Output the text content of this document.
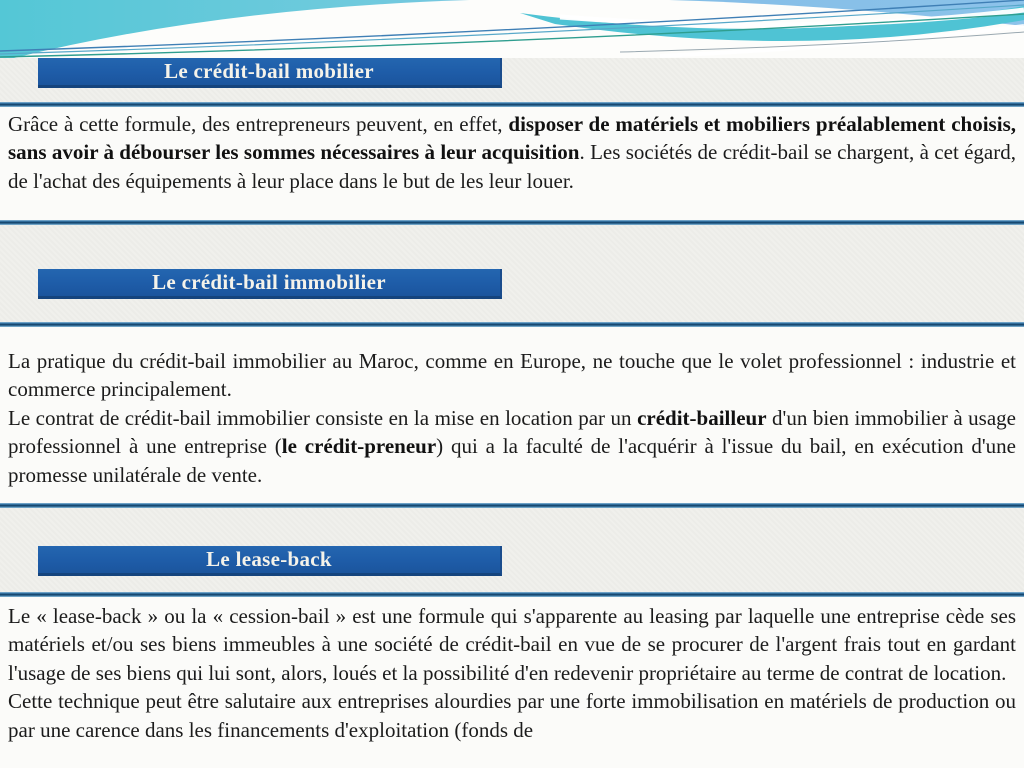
Le crédit-bail mobilier

Grâce à cette formule, des entrepreneurs peuvent, en effet, disposer de matériels et mobiliers préalablement choisis, sans avoir à débourser les sommes nécessaires à leur acquisition. Les sociétés de crédit-bail se chargent, à cet égard, de l'achat des équipements à leur place dans le but de les leur louer.

Le crédit-bail immobilier

La pratique du crédit-bail immobilier au Maroc, comme en Europe, ne touche que le volet professionnel : industrie et commerce principalement.

Le contrat de crédit-bail immobilier consiste en la mise en location par un crédit-bailleur d'un bien immobilier à usage professionnel à une entreprise (le crédit-preneur) qui a la faculté de l'acquérir à l'issue du bail, en exécution d'une promesse unilatérale de vente.

Le lease-back

Le « lease-back » ou la « cession-bail » est une formule qui s'apparente au leasing par laquelle une entreprise cède ses matériels et/ou ses biens immeubles à une société de crédit-bail en vue de se procurer de l'argent frais tout en gardant l'usage de ses biens qui lui sont, alors, loués et la possibilité d'en redevenir propriétaire au terme de contrat de location.

Cette technique peut être salutaire aux entreprises alourdies par une forte immobilisation en matériels de production ou par une carence dans les financements d'exploitation (fonds de
